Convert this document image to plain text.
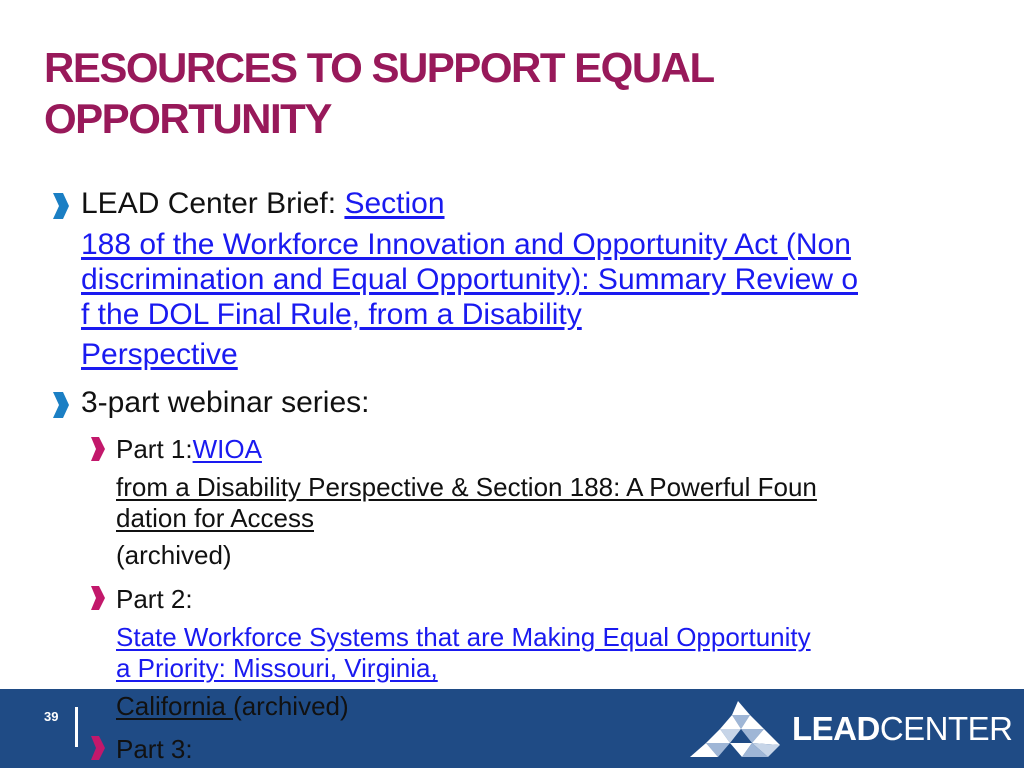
RESOURCES TO SUPPORT EQUAL
OPPORTUNITY
39	LEADCENTER
LEAD Center Brief: Section
188 of the Workforce Innovation and Opportunity Act (Non
discrimination and Equal Opportunity): Summary Review o
f the DOL Final Rule, from a Disability
Perspective
3-part webinar series:
Part 1:WIOA
from a Disability Perspective & Section 188: A Powerful Foun
dation for Access
(archived)
Part 2:
State Workforce Systems that are Making Equal Opportunity
a Priority: Missouri, Virginia,
California (archived)
Part 3:
